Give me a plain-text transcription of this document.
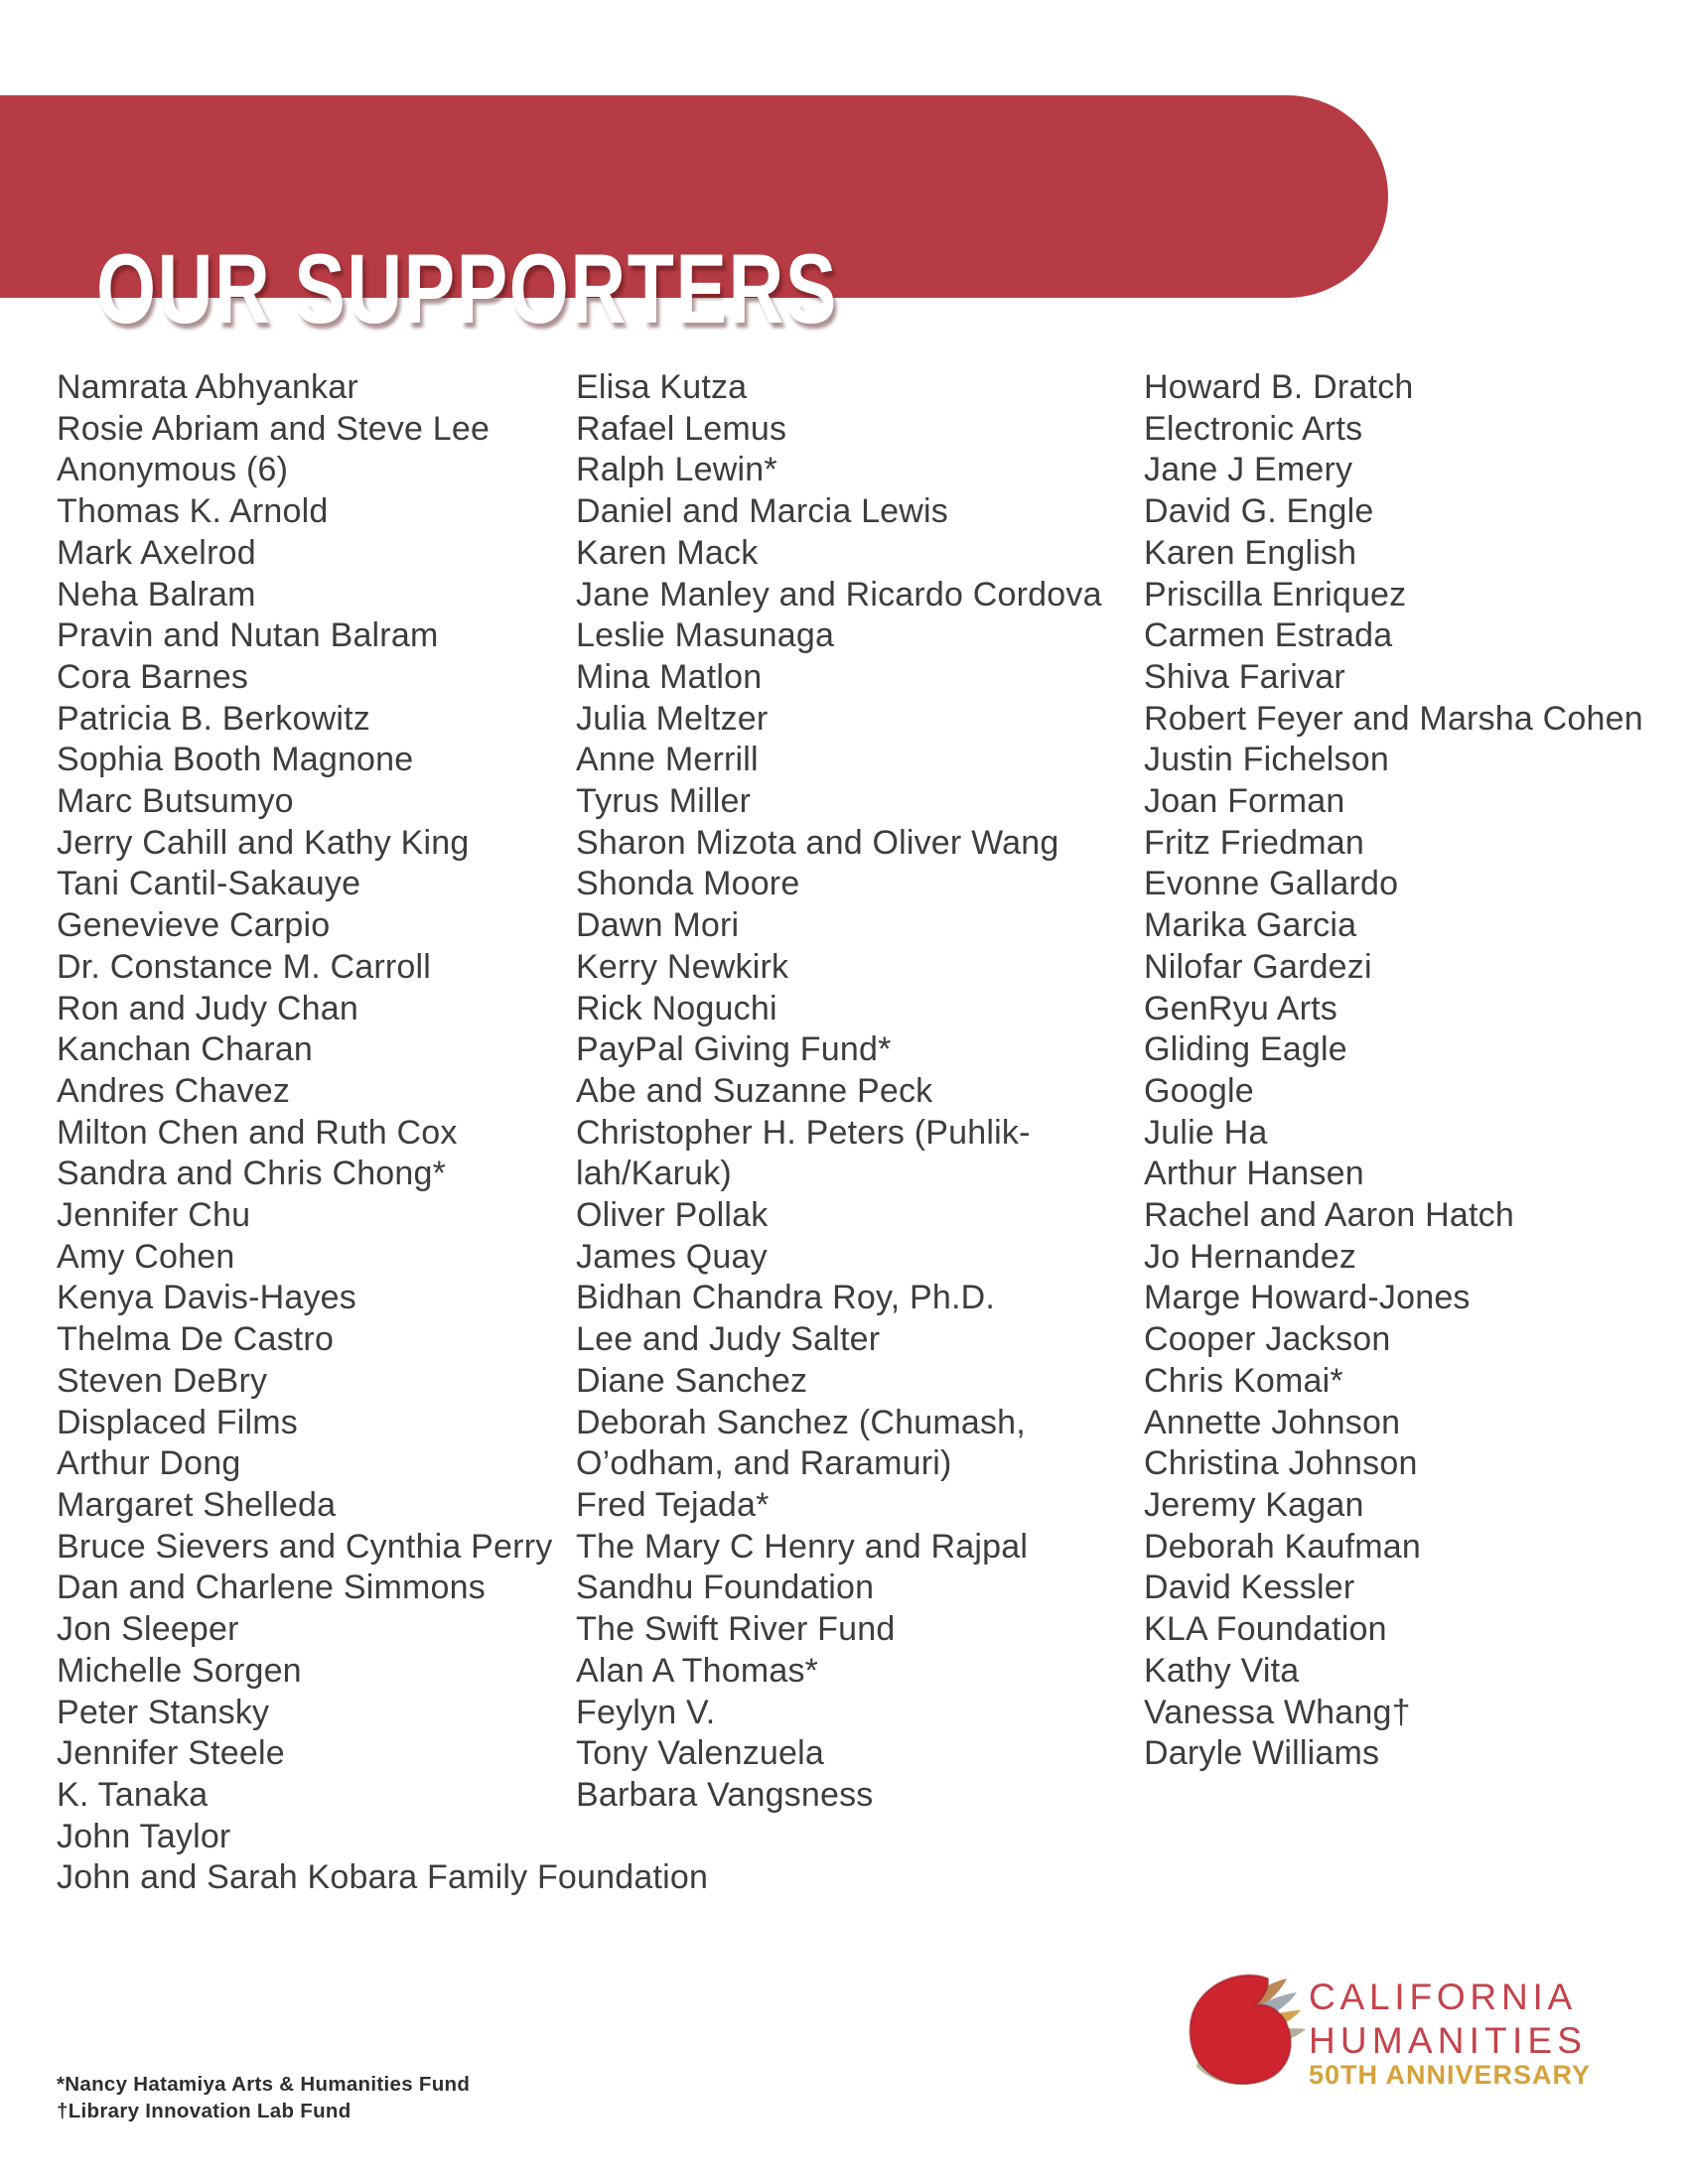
OUR SUPPORTERS
Namrata Abhyankar
Rosie Abriam and Steve Lee
Anonymous (6)
Thomas K. Arnold
Mark Axelrod
Neha Balram
Pravin and Nutan Balram
Cora Barnes
Patricia B. Berkowitz
Sophia Booth Magnone
Marc Butsumyo
Jerry Cahill and Kathy King
Tani Cantil-Sakauye
Genevieve Carpio
Dr. Constance M. Carroll
Ron and Judy Chan
Kanchan Charan
Andres Chavez
Milton Chen and Ruth Cox
Sandra and Chris Chong*
Jennifer Chu
Amy Cohen
Kenya Davis-Hayes
Thelma De Castro
Steven DeBry
Displaced Films
Arthur Dong
Margaret Shelleda
Bruce Sievers and Cynthia Perry
Dan and Charlene Simmons
Jon Sleeper
Michelle Sorgen
Peter Stansky
Jennifer Steele
K. Tanaka
John Taylor
John and Sarah Kobara Family Foundation
Elisa Kutza
Rafael Lemus
Ralph Lewin*
Daniel and Marcia Lewis
Karen Mack
Jane Manley and Ricardo Cordova
Leslie Masunaga
Mina Matlon
Julia Meltzer
Anne Merrill
Tyrus Miller
Sharon Mizota and Oliver Wang
Shonda Moore
Dawn Mori
Kerry Newkirk
Rick Noguchi
PayPal Giving Fund*
Abe and Suzanne Peck
Christopher H. Peters (Puhlik-
lah/Karuk)
Oliver Pollak
James Quay
Bidhan Chandra Roy, Ph.D.
Lee and Judy Salter
Diane Sanchez
Deborah Sanchez (Chumash,
O’odham, and Raramuri)
Fred Tejada*
The Mary C Henry and Rajpal
Sandhu Foundation
The Swift River Fund
Alan A Thomas*
Feylyn V.
Tony Valenzuela
Barbara Vangsness
Howard B. Dratch
Electronic Arts
Jane J Emery
David G. Engle
Karen English
Priscilla Enriquez
Carmen Estrada
Shiva Farivar
Robert Feyer and Marsha Cohen
Justin Fichelson
Joan Forman
Fritz Friedman
Evonne Gallardo
Marika Garcia
Nilofar Gardezi
GenRyu Arts
Gliding Eagle
Google
Julie Ha
Arthur Hansen
Rachel and Aaron Hatch
Jo Hernandez
Marge Howard-Jones
Cooper Jackson
Chris Komai*
Annette Johnson
Christina Johnson
Jeremy Kagan
Deborah Kaufman
David Kessler
KLA Foundation
Kathy Vita
Vanessa Whang†
Daryle Williams
*Nancy Hatamiya Arts & Humanities Fund
†Library Innovation Lab Fund
CALIFORNIA
HUMANITIES
50TH ANNIVERSARY
